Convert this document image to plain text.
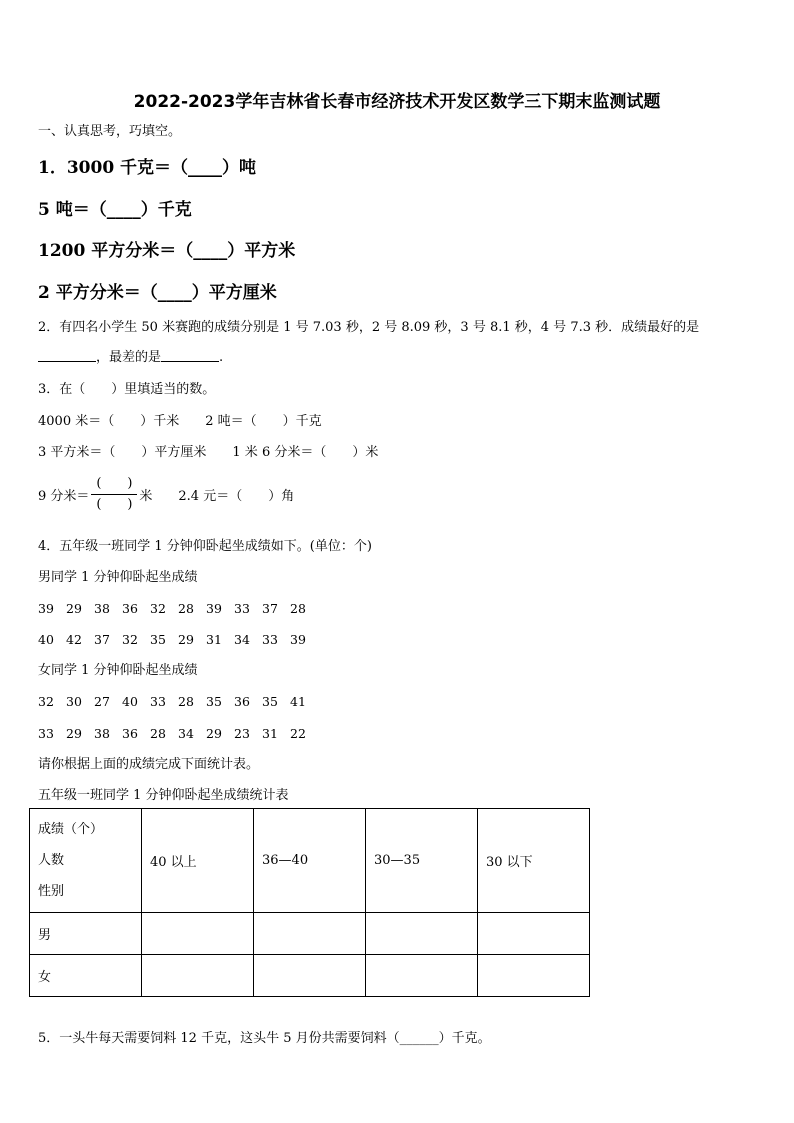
2022-2023学年吉林省长春市经济技术开发区数学三下期末监测试题
一、认真思考，巧填空。
1．3000 千克＝（____）吨
5 吨＝（____）千克
1200 平方分米＝（____）平方米
2 平方分米＝（____）平方厘米
2．有四名小学生 50 米赛跑的成绩分别是 1 号 7.03 秒，2 号 8.09 秒，3 号 8.1 秒，4 号 7.3 秒．成绩最好的是
，最差的是	.
3．在（　　）里填适当的数。
4000 米＝（　　）千米　　2 吨＝（　　）千克
3 平方米＝（　　）平方厘米　　1 米 6 分米＝（　　）米
9 分米＝ $\frac{( )}{( )}$ 米　　2.4 元＝（　　）角
4．五年级一班同学 1 分钟仰卧起坐成绩如下。(单位：个)
男同学 1 分钟仰卧起坐成绩
39 29 38 36 32 28 39 33 37 28
40 42 37 32 35 29 31 34 33 39
女同学 1 分钟仰卧起坐成绩
32 30 27 40 33 28 35 36 35 41
33 29 38 36 28 34 29 23 31 22
请你根据上面的成绩完成下面统计表。
五年级一班同学 1 分钟仰卧起坐成绩统计表
成绩（个）
人数
性别	40 以上	36—40	30—35	30 以下
男				
女				
5．一头牛每天需要饲料 12 千克，这头牛 5 月份共需要饲料（______）千克。
